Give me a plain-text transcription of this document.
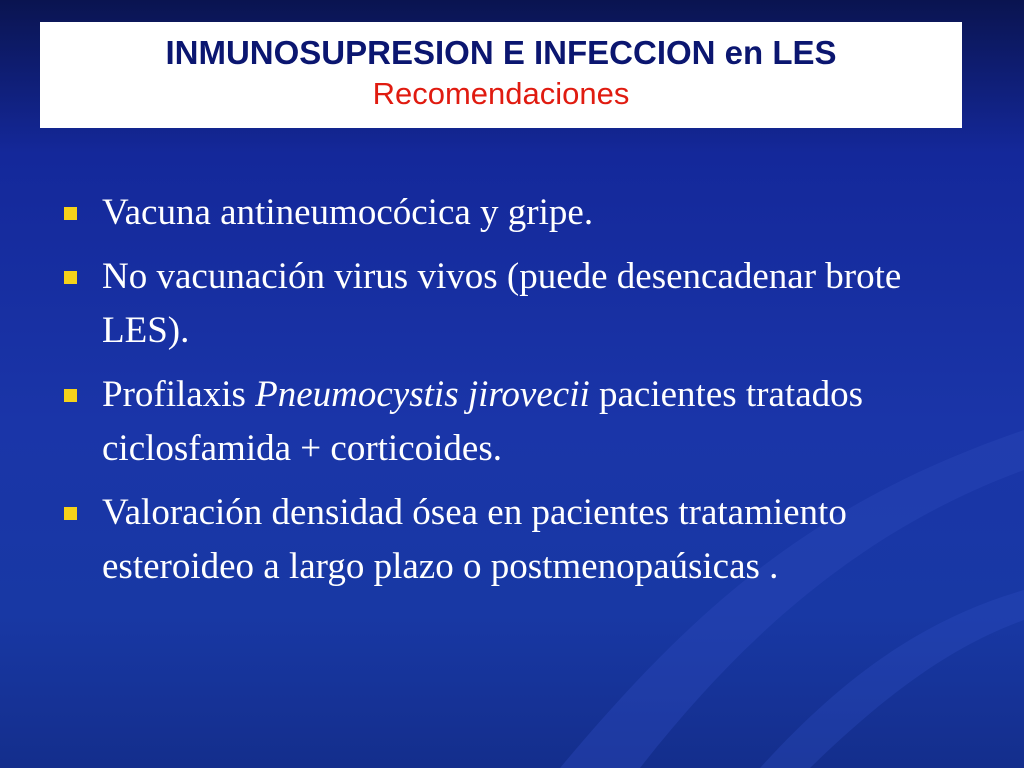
INMUNOSUPRESION E INFECCION en LES
Recomendaciones
Vacuna antineumocócica y gripe.
No vacunación virus vivos (puede desencadenar brote LES).
Profilaxis Pneumocystis jirovecii pacientes tratados ciclosfamida + corticoides.
Valoración densidad ósea en pacientes tratamiento esteroideo a largo plazo o postmenopaúsicas .
